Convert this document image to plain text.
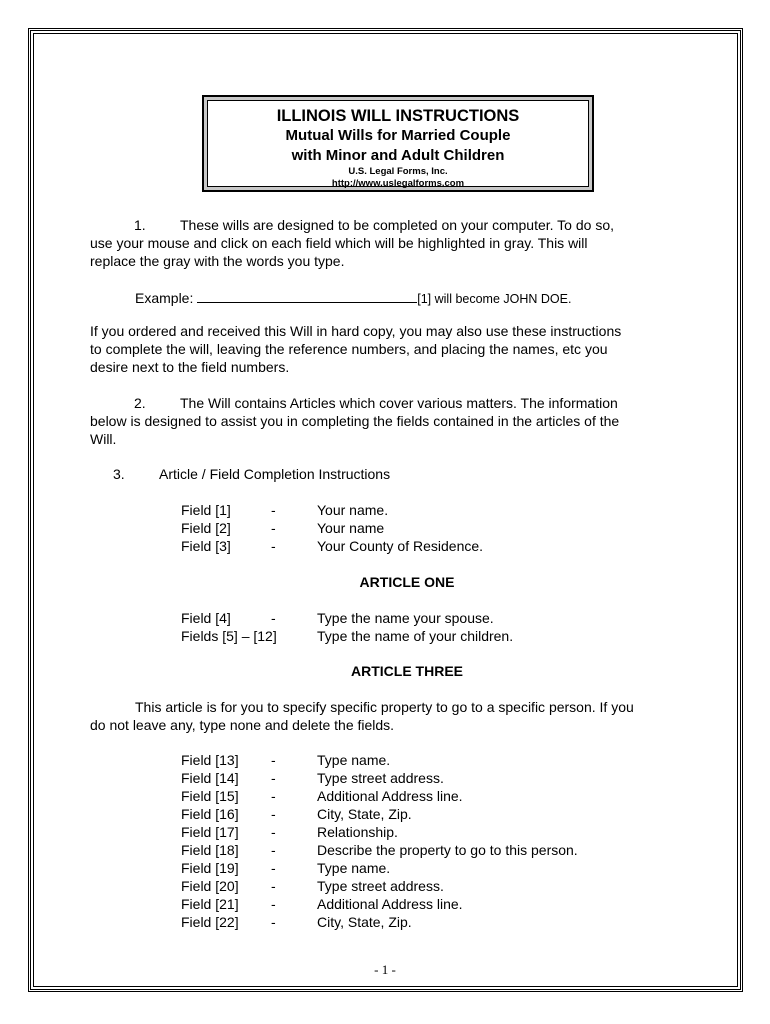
ILLINOIS WILL INSTRUCTIONS
Mutual Wills for Married Couple
with Minor and Adult Children
U.S. Legal Forms, Inc.
http://www.uslegalforms.com
1. These wills are designed to be completed on your computer. To do so,
use your mouse and click on each field which will be highlighted in gray. This will
replace the gray with the words you type.
Example:	[1] will become JOHN DOE.
If you ordered and received this Will in hard copy, you may also use these instructions
to complete the will, leaving the reference numbers, and placing the names, etc you
desire next to the field numbers.
2. The Will contains Articles which cover various matters. The information
below is designed to assist you in completing the fields contained in the articles of the
Will.
3. Article / Field Completion Instructions
Field [1]	-	Your name.
Field [2]	-	Your name
Field [3]	-	Your County of Residence.
ARTICLE ONE
Field [4]	-	Type the name your spouse.
Fields [5] – [12]	Type the name of your children.
ARTICLE THREE
This article is for you to specify specific property to go to a specific person. If you
do not leave any, type none and delete the fields.
Field [13] -	Type name.
Field [14] -	Type street address.
Field [15] -	Additional Address line.
Field [16] -	City, State, Zip.
Field [17] -	Relationship.
Field [18] -	Describe the property to go to this person.
Field [19] -	Type name.
Field [20] -	Type street address.
Field [21] -	Additional Address line.
Field [22] -	City, State, Zip.
- 1 -
